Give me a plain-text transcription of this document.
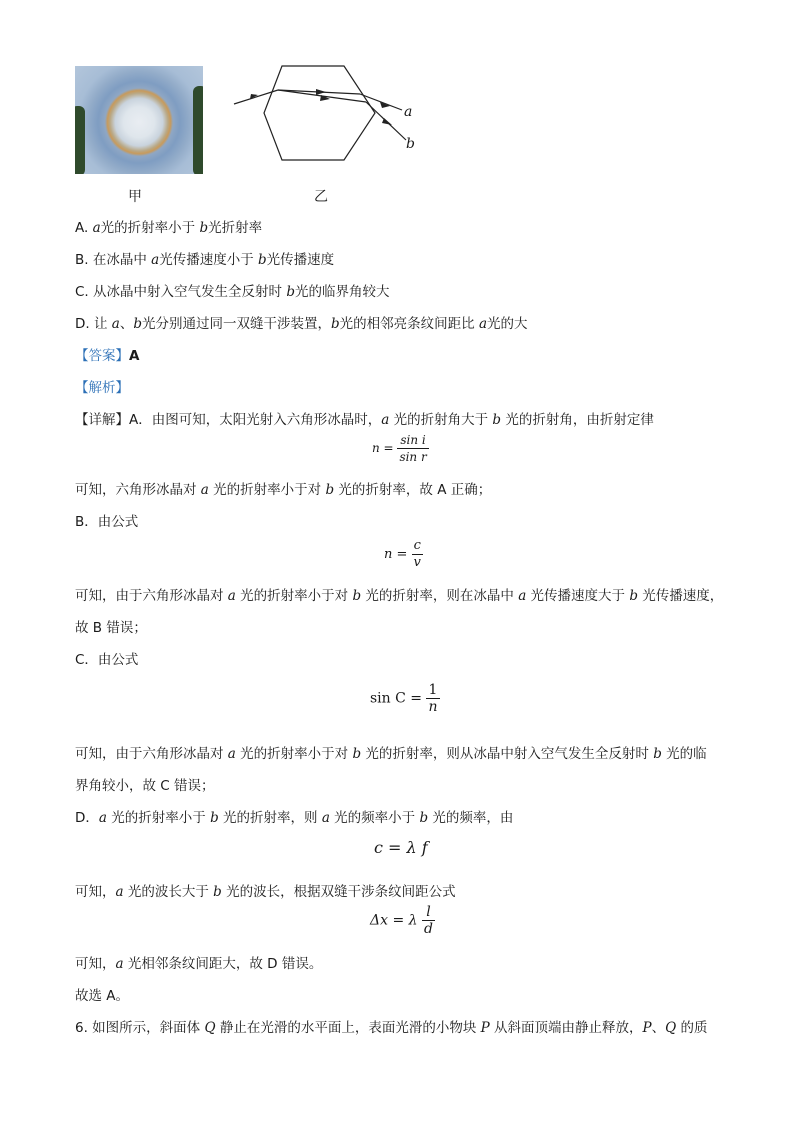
甲
a
b
乙
A. a光的折射率小于 b光折射率
B. 在冰晶中 a光传播速度小于 b光传播速度
C. 从冰晶中射入空气发生全反射时 b光的临界角较大
D. 让 a、b光分别通过同一双缝干涉装置，b光的相邻亮条纹间距比 a光的大
【答案】A
【解析】
【详解】A．由图可知，太阳光射入六角形冰晶时，a 光的折射角大于 b 光的折射角，由折射定律
$n = \frac{\text{sin i}}{\text{sin r}}$
可知，六角形冰晶对 a 光的折射率小于对 b 光的折射率，故 A 正确；
B．由公式
$n = \frac{c}{v}$
可知，由于六角形冰晶对 a 光的折射率小于对 b 光的折射率，则在冰晶中 a 光传播速度大于 b 光传播速度，
故 B 错误；
C．由公式
$\sin C = \frac{1}{n}$
可知，由于六角形冰晶对 a 光的折射率小于对 b 光的折射率，则从冰晶中射入空气发生全反射时 b 光的临
界角较小，故 C 错误；
D．a 光的折射率小于 b 光的折射率，则 a 光的频率小于 b 光的频率，由
c = λ f
可知，a 光的波长大于 b 光的波长，根据双缝干涉条纹间距公式
Δx = λ $\frac{l}{d}$
可知，a 光相邻条纹间距大，故 D 错误。
故选 A。
6. 如图所示，斜面体 Q 静止在光滑的水平面上，表面光滑的小物块 P 从斜面顶端由静止释放，P、Q 的质
